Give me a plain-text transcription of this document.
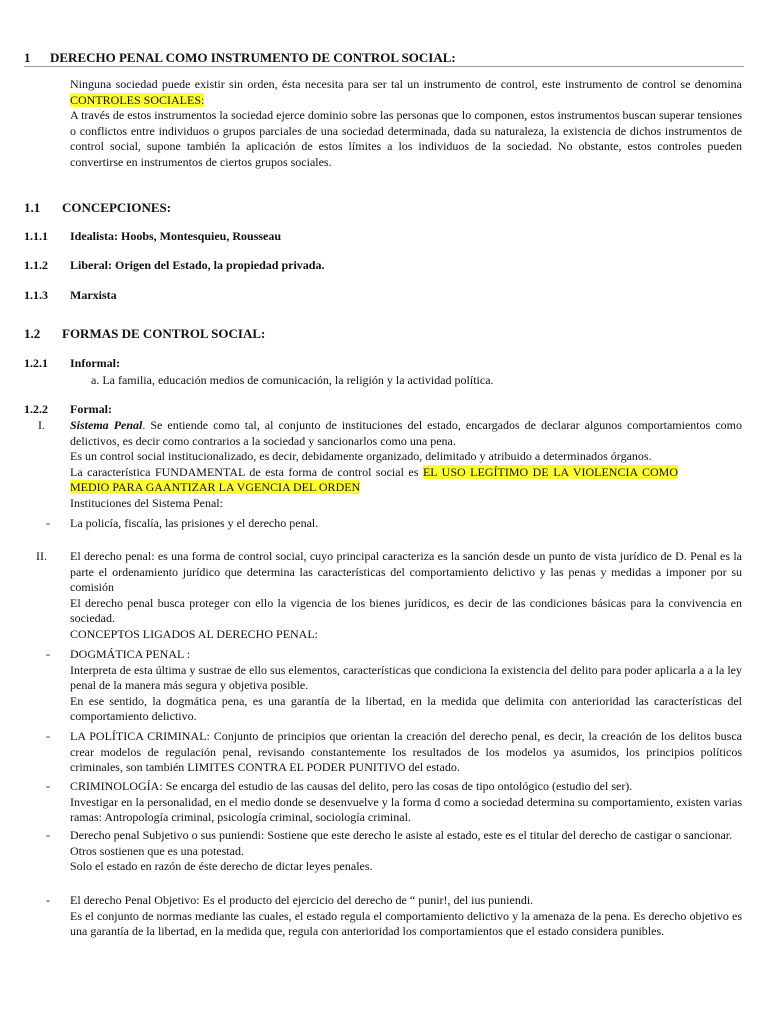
1 DERECHO PENAL COMO INSTRUMENTO DE CONTROL SOCIAL:

Ninguna sociedad puede existir sin orden, ésta necesita para ser tal un instrumento de control, este instrumento de control se denomina CONTROLES SOCIALES:

A través de estos instrumentos la sociedad ejerce dominio sobre las personas que lo componen, estos instrumentos buscan superar tensiones o conflictos entre individuos o grupos parciales de una sociedad determinada, dada su naturaleza, la existencia de dichos instrumentos de control social, supone también la aplicación de estos límites a los individuos de la sociedad. No obstante, estos controles pueden convertirse en instrumentos de ciertos grupos sociales.

1.1 CONCEPCIONES:
1.1.1 Idealista: Hoobs, Montesquieu, Rousseau
1.1.2 Liberal: Origen del Estado, la propiedad privada.
1.1.3 Marxista
1.2 FORMAS DE CONTROL SOCIAL:
1.2.1 Informal:
a. La familia, educación medios de comunicación, la religión y la actividad política.
1.2.2 Formal:
I. Sistema Penal. Se entiende como tal, al conjunto de instituciones del estado, encargados de declarar algunos comportamientos como delictivos, es decir como contrarios a la sociedad y sancionarlos como una pena.

Es un control social institucionalizado, es decir, debidamente organizado, delimitado y atribuido a determinados órganos.

La característica FUNDAMENTAL de esta forma de control social es EL USO LEGÍTIMO DE LA VIOLENCIA COMO MEDIO PARA GAANTIZAR LA VGENCIA DEL ORDEN

Instituciones del Sistema Penal:

- La policía, fiscalía, las prisiones y el derecho penal.
II. El derecho penal: es una forma de control social, cuyo principal caracteriza es la sanción desde un punto de vista jurídico de D. Penal es la parte el ordenamiento jurídico que determina las características del comportamiento delictivo y las penas y medidas a imponer por su comisión

El derecho penal busca proteger con ello la vigencia de los bienes jurídicos, es decir de las condiciones básicas para la convivencia en sociedad.

CONCEPTOS LIGADOS AL DERECHO PENAL:

- DOGMÁTICA PENAL :

Interpreta de esta última y sustrae de ello sus elementos, características que condiciona la existencia del delito para poder aplicarla a a la ley penal de la manera más segura y objetiva posible.

En ese sentido, la dogmática pena, es una garantía de la libertad, en la medida que delimita con anterioridad las características del comportamiento delictivo.

- LA POLÍTICA CRIMINAL: Conjunto de principios que orientan la creación del derecho penal, es decir, la creación de los delitos busca crear modelos de regulación penal, revisando constantemente los resultados de los modelos ya asumidos, los principios políticos criminales, son también LIMITES CONTRA EL PODER PUNITIVO del estado.

- CRIMINOLOGÍA: Se encarga del estudio de las causas del delito, pero las cosas de tipo ontológico (estudio del ser).

Investigar en la personalidad, en el medio donde se desenvuelve y la forma d como a sociedad determina su comportamiento, existen varias ramas: Antropología criminal, psicología criminal, sociología criminal.

- Derecho penal Subjetivo o sus puniendi: Sostiene que este derecho le asiste al estado, este es el titular del derecho de castigar o sancionar.

Otros sostienen que es una potestad.

Solo el estado en razón de éste derecho de dictar leyes penales.

- El derecho Penal Objetivo: Es el producto del ejercicio del derecho de “ punir!, del ius puniendi.

Es el conjunto de normas mediante las cuales, el estado regula el comportamiento delictivo y la amenaza de la pena. Es derecho objetivo es una garantía de la libertad, en la medida que, regula con anterioridad los comportamientos que el estado considera punibles.
